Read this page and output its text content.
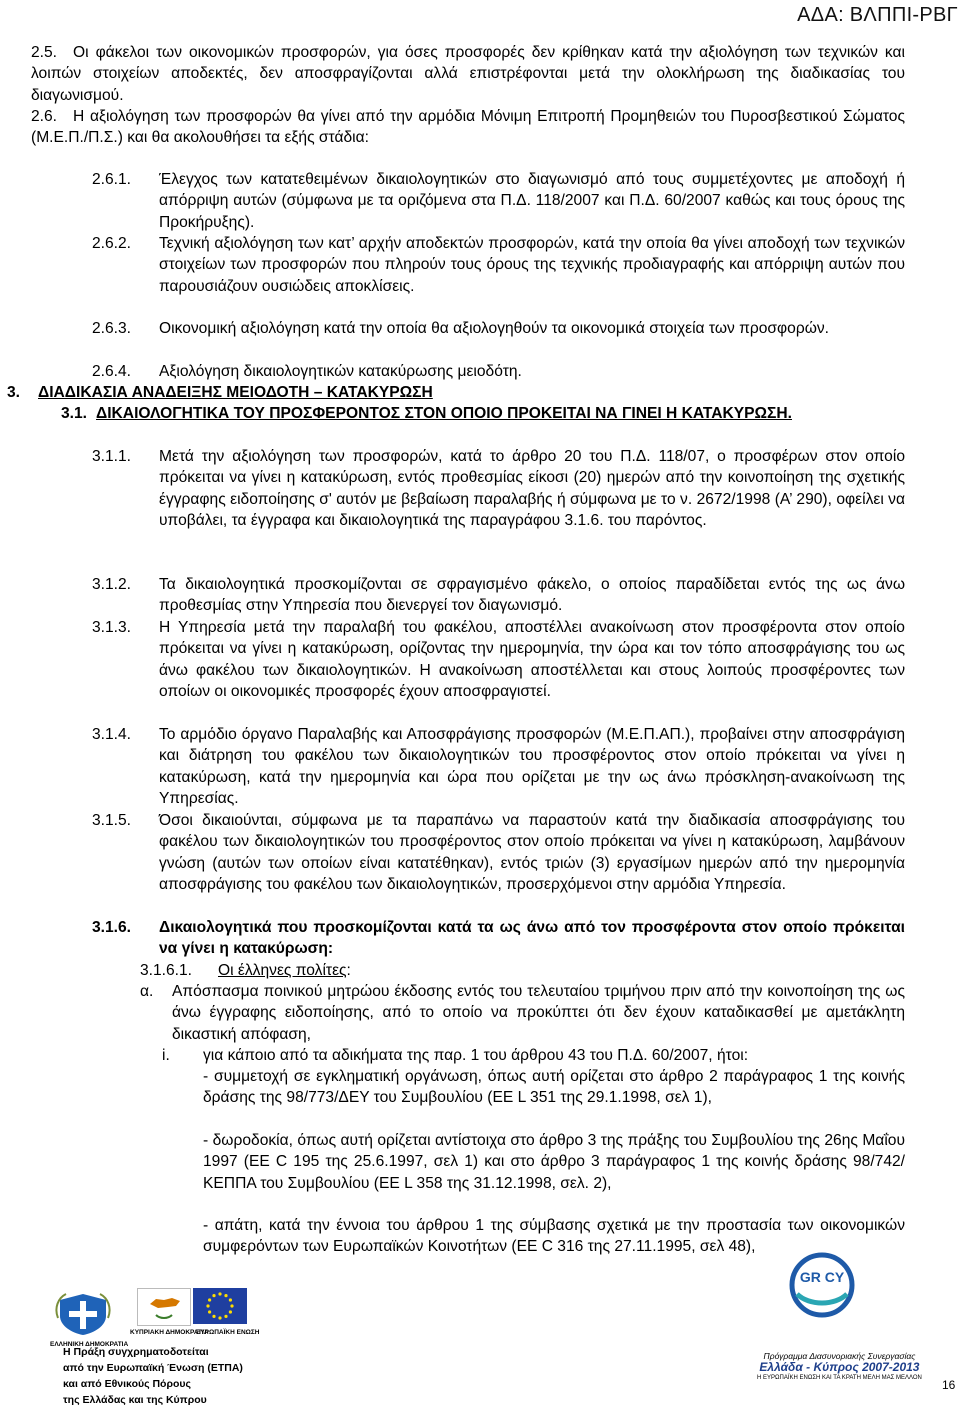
ΑΔΑ: ΒΛΠΠΙ-ΡΒΓ
2.5.	Οι φάκελοι των οικονομικών προσφορών, για όσες προσφορές δεν κρίθηκαν κατά την αξιολόγηση των τεχνικών και λοιπών στοιχείων αποδεκτές, δεν αποσφραγίζονται αλλά επιστρέφονται μετά την ολοκλήρωση της διαδικασίας του διαγωνισμού.
2.6.	Η αξιολόγηση των προσφορών θα γίνει από την αρμόδια Μόνιμη Επιτροπή Προμηθειών του Πυροσβεστικού Σώματος (Μ.Ε.Π./Π.Σ.) και θα ακολουθήσει τα εξής στάδια:
2.6.1. Έλεγχος των κατατεθειμένων δικαιολογητικών στο διαγωνισμό από τους συμμετέχοντες με αποδοχή ή απόρριψη αυτών (σύμφωνα με τα οριζόμενα στα Π.Δ. 118/2007 και Π.Δ. 60/2007 καθώς και τους όρους της Προκήρυξης).
2.6.2. Τεχνική αξιολόγηση των κατ’ αρχήν αποδεκτών προσφορών, κατά την οποία θα γίνει αποδοχή των τεχνικών στοιχείων των προσφορών που πληρούν τους όρους της τεχνικής προδιαγραφής και απόρριψη αυτών που παρουσιάζουν ουσιώδεις αποκλίσεις.
2.6.3. Οικονομική αξιολόγηση κατά την οποία θα αξιολογηθούν τα οικονομικά στοιχεία των προσφορών.
2.6.4. Αξιολόγηση δικαιολογητικών κατακύρωσης μειοδότη.
3. ΔΙΑΔΙΚΑΣΙΑ ΑΝΑΔΕΙΞΗΣ ΜΕΙΟΔΟΤΗ – ΚΑΤΑΚΥΡΩΣΗ
3.1. ΔΙΚΑΙΟΛΟΓΗΤΙΚΑ ΤΟΥ ΠΡΟΣΦΕΡΟΝΤΟΣ ΣΤΟΝ ΟΠΟΙΟ ΠΡΟΚΕΙΤΑΙ ΝΑ ΓΙΝΕΙ Η ΚΑΤΑΚΥΡΩΣΗ.
3.1.1. Μετά την αξιολόγηση των προσφορών, κατά το άρθρο 20 του Π.Δ. 118/07, ο προσφέρων στον οποίο πρόκειται να γίνει η κατακύρωση, εντός προθεσμίας είκοσι (20) ημερών από την κοινοποίηση της σχετικής έγγραφης ειδοποίησης σ' αυτόν με βεβαίωση παραλαβής ή σύμφωνα με το ν. 2672/1998 (Α’ 290), οφείλει να υποβάλει, τα έγγραφα και δικαιολογητικά της παραγράφου 3.1.6. του παρόντος.
3.1.2. Τα δικαιολογητικά προσκομίζονται σε σφραγισμένο φάκελο, ο οποίος παραδίδεται εντός της ως άνω προθεσμίας στην Υπηρεσία που διενεργεί τον διαγωνισμό.
3.1.3. Η Υπηρεσία μετά την παραλαβή του φακέλου, αποστέλλει ανακοίνωση στον προσφέροντα στον οποίο πρόκειται να γίνει η κατακύρωση, ορίζοντας την ημερομηνία, την ώρα και τον τόπο αποσφράγισης του ως άνω φακέλου των δικαιολογητικών. Η ανακοίνωση αποστέλλεται και στους λοιπούς προσφέροντες των οποίων οι οικονομικές προσφορές έχουν αποσφραγιστεί.
3.1.4. Το αρμόδιο όργανο Παραλαβής και Αποσφράγισης προσφορών (Μ.Ε.Π.ΑΠ.), προβαίνει στην αποσφράγιση και διάτρηση του φακέλου των δικαιολογητικών του προσφέροντος στον οποίο πρόκειται να γίνει η κατακύρωση, κατά την ημερομηνία και ώρα που ορίζεται με την ως άνω πρόσκληση-ανακοίνωση της Υπηρεσίας.
3.1.5. Όσοι δικαιούνται, σύμφωνα με τα παραπάνω να παραστούν κατά την διαδικασία αποσφράγισης του φακέλου των δικαιολογητικών του προσφέροντος στον οποίο πρόκειται να γίνει η κατακύρωση, λαμβάνουν γνώση (αυτών των οποίων είναι κατατέθηκαν), εντός τριών (3) εργασίμων ημερών από την ημερομηνία αποσφράγισης του φακέλου των δικαιολογητικών, προσερχόμενοι στην αρμόδια Υπηρεσία.
3.1.6. Δικαιολογητικά που προσκομίζονται κατά τα ως άνω από τον προσφέροντα στον οποίο πρόκειται να γίνει η κατακύρωση:
3.1.6.1. Οι έλληνες πολίτες:
α. Απόσπασμα ποινικού μητρώου έκδοσης εντός του τελευταίου τριμήνου πριν από την κοινοποίηση της ως άνω έγγραφης ειδοποίησης, από το οποίο να προκύπτει ότι δεν έχουν καταδικασθεί με αμετάκλητη δικαστική απόφαση,
i. για κάποιο από τα αδικήματα της παρ. 1 του άρθρου 43 του Π.Δ. 60/2007, ήτοι:
- συμμετοχή σε εγκληματική οργάνωση, όπως αυτή ορίζεται στο άρθρο 2 παράγραφος 1 της κοινής δράσης της 98/773/ΔΕΥ του Συμβουλίου (ΕΕ L 351 της 29.1.1998, σελ 1),
- δωροδοκία, όπως αυτή ορίζεται αντίστοιχα στο άρθρο 3 της πράξης του Συμβουλίου της 26ης Μαΐου 1997 (ΕΕ C 195 της 25.6.1997, σελ 1) και στο άρθρο 3 παράγραφος 1 της κοινής δράσης 98/742/ΚΕΠΠΑ του Συμβουλίου (ΕΕ L 358 της 31.12.1998, σελ. 2),
- απάτη, κατά την έννοια του άρθρου 1 της σύμβασης σχετικά με την προστασία των οικονομικών συμφερόντων των Ευρωπαϊκών Κοινοτήτων (ΕΕ C 316 της 27.11.1995, σελ 48),
ΕΛΛΗΝΙΚΗ ΔΗΜΟΚΡΑΤΙΑ
ΚΥΠΡΙΑΚΗ ΔΗΜΟΚΡΑΤΙΑ
ΕΥΡΩΠΑΪΚΗ ΕΝΩΣΗ
Η Πράξη συγχρηματοδοτείται
από την Ευρωπαϊκή Ένωση (ΕΤΠΑ)
και από Εθνικούς Πόρους
της Ελλάδας και της Κύπρου
GR CY
Πρόγραμμα Διασυνοριακής Συνεργασίας
Ελλάδα - Κύπρος 2007-2013
Η ΕΥΡΩΠΑΪΚΗ ΕΝΩΣΗ ΚΑΙ ΤΑ ΚΡΑΤΗ ΜΕΛΗ ΜΑΣ ΜΕΛΛΟΝ 16
